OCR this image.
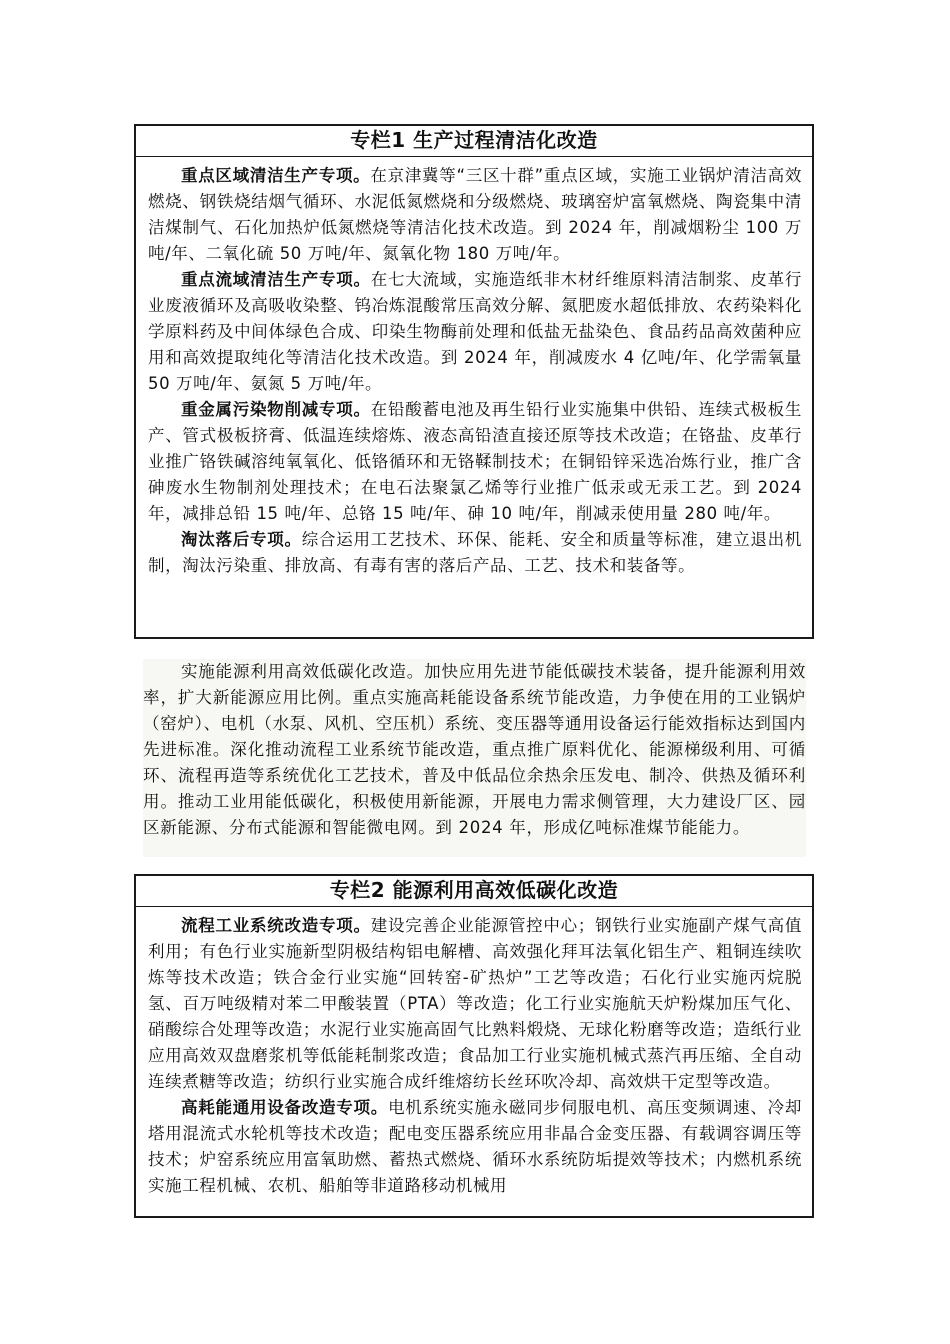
专栏1 生产过程清洁化改造

重点区域清洁生产专项。在京津冀等“三区十群”重点区域，实施工业锅炉清洁高效燃烧、钢铁烧结烟气循环、水泥低氮燃烧和分级燃烧、玻璃窑炉富氧燃烧、陶瓷集中清洁煤制气、石化加热炉低氮燃烧等清洁化技术改造。到 2024 年，削减烟粉尘 100 万吨/年、二氧化硫 50 万吨/年、氮氧化物 180 万吨/年。

重点流域清洁生产专项。在七大流域，实施造纸非木材纤维原料清洁制浆、皮革行业废液循环及高吸收染整、钨冶炼混酸常压高效分解、氮肥废水超低排放、农药染料化学原料药及中间体绿色合成、印染生物酶前处理和低盐无盐染色、食品药品高效菌种应用和高效提取纯化等清洁化技术改造。到 2024 年，削减废水 4 亿吨/年、化学需氧量 50 万吨/年、氨氮 5 万吨/年。

重金属污染物削减专项。在铅酸蓄电池及再生铅行业实施集中供铅、连续式极板生产、管式极板挤膏、低温连续熔炼、液态高铅渣直接还原等技术改造；在铬盐、皮革行业推广铬铁碱溶纯氧氧化、低铬循环和无铬鞣制技术；在铜铅锌采选冶炼行业，推广含砷废水生物制剂处理技术；在电石法聚氯乙烯等行业推广低汞或无汞工艺。到 2024 年，减排总铅 15 吨/年、总铬 15 吨/年、砷 10 吨/年，削减汞使用量 280 吨/年。

淘汰落后专项。综合运用工艺技术、环保、能耗、安全和质量等标准，建立退出机制，淘汰污染重、排放高、有毒有害的落后产品、工艺、技术和装备等。

实施能源利用高效低碳化改造。加快应用先进节能低碳技术装备，提升能源利用效率，扩大新能源应用比例。重点实施高耗能设备系统节能改造，力争使在用的工业锅炉（窑炉）、电机（水泵、风机、空压机）系统、变压器等通用设备运行能效指标达到国内先进标准。深化推动流程工业系统节能改造，重点推广原料优化、能源梯级利用、可循环、流程再造等系统优化工艺技术，普及中低品位余热余压发电、制冷、供热及循环利用。推动工业用能低碳化，积极使用新能源，开展电力需求侧管理，大力建设厂区、园区新能源、分布式能源和智能微电网。到 2024 年，形成亿吨标准煤节能能力。

专栏2 能源利用高效低碳化改造

流程工业系统改造专项。建设完善企业能源管控中心；钢铁行业实施副产煤气高值利用；有色行业实施新型阴极结构铝电解槽、高效强化拜耳法氧化铝生产、粗铜连续吹炼等技术改造；铁合金行业实施“回转窑-矿热炉”工艺等改造；石化行业实施丙烷脱氢、百万吨级精对苯二甲酸装置（PTA）等改造；化工行业实施航天炉粉煤加压气化、硝酸综合处理等改造；水泥行业实施高固气比熟料煅烧、无球化粉磨等改造；造纸行业应用高效双盘磨浆机等低能耗制浆改造；食品加工行业实施机械式蒸汽再压缩、全自动连续煮糖等改造；纺织行业实施合成纤维熔纺长丝环吹冷却、高效烘干定型等改造。

高耗能通用设备改造专项。电机系统实施永磁同步伺服电机、高压变频调速、冷却塔用混流式水轮机等技术改造；配电变压器系统应用非晶合金变压器、有载调容调压等技术；炉窑系统应用富氧助燃、蓄热式燃烧、循环水系统防垢提效等技术；内燃机系统实施工程机械、农机、船舶等非道路移动机械用
